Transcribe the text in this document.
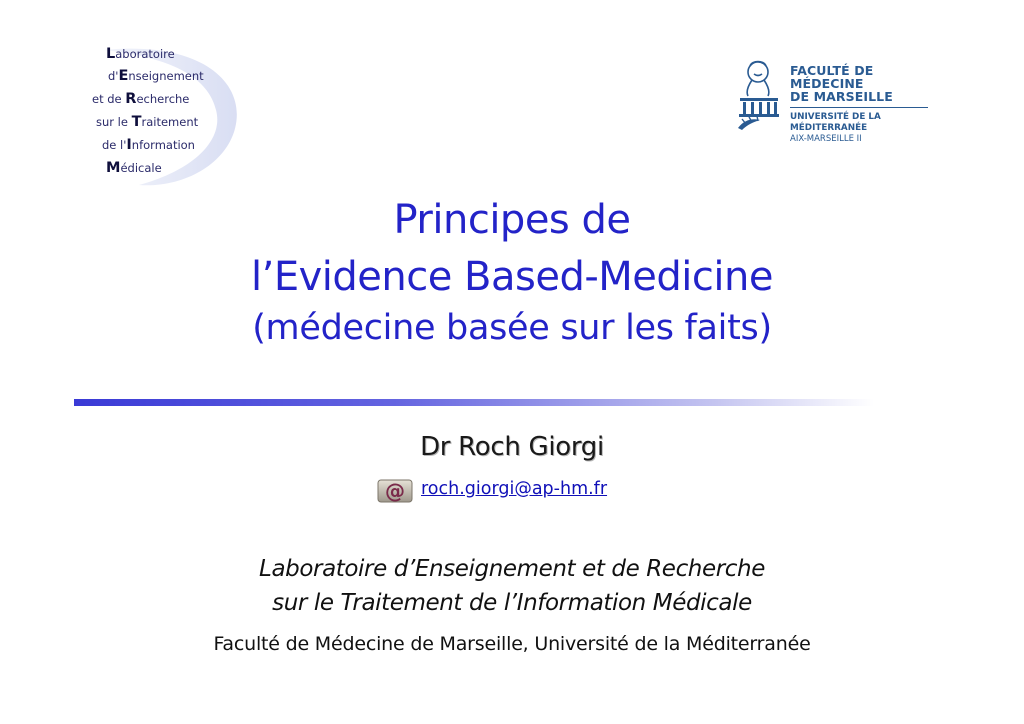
Laboratoire
d'Enseignement
et de Recherche
sur le Traitement
de l'Information
Médicale
FACULTÉ DE MÉDECINE
DE MARSEILLE
UNIVERSITÉ DE LA MÉDITERRANÉE
AIX-MARSEILLE II
Principes de
l’Evidence Based-Medicine
(médecine basée sur les faits)
Dr Roch Giorgi
@ roch.giorgi@ap-hm.fr
Laboratoire d’Enseignement et de Recherche
sur le Traitement de l’Information Médicale
Faculté de Médecine de Marseille, Université de la Méditerranée
